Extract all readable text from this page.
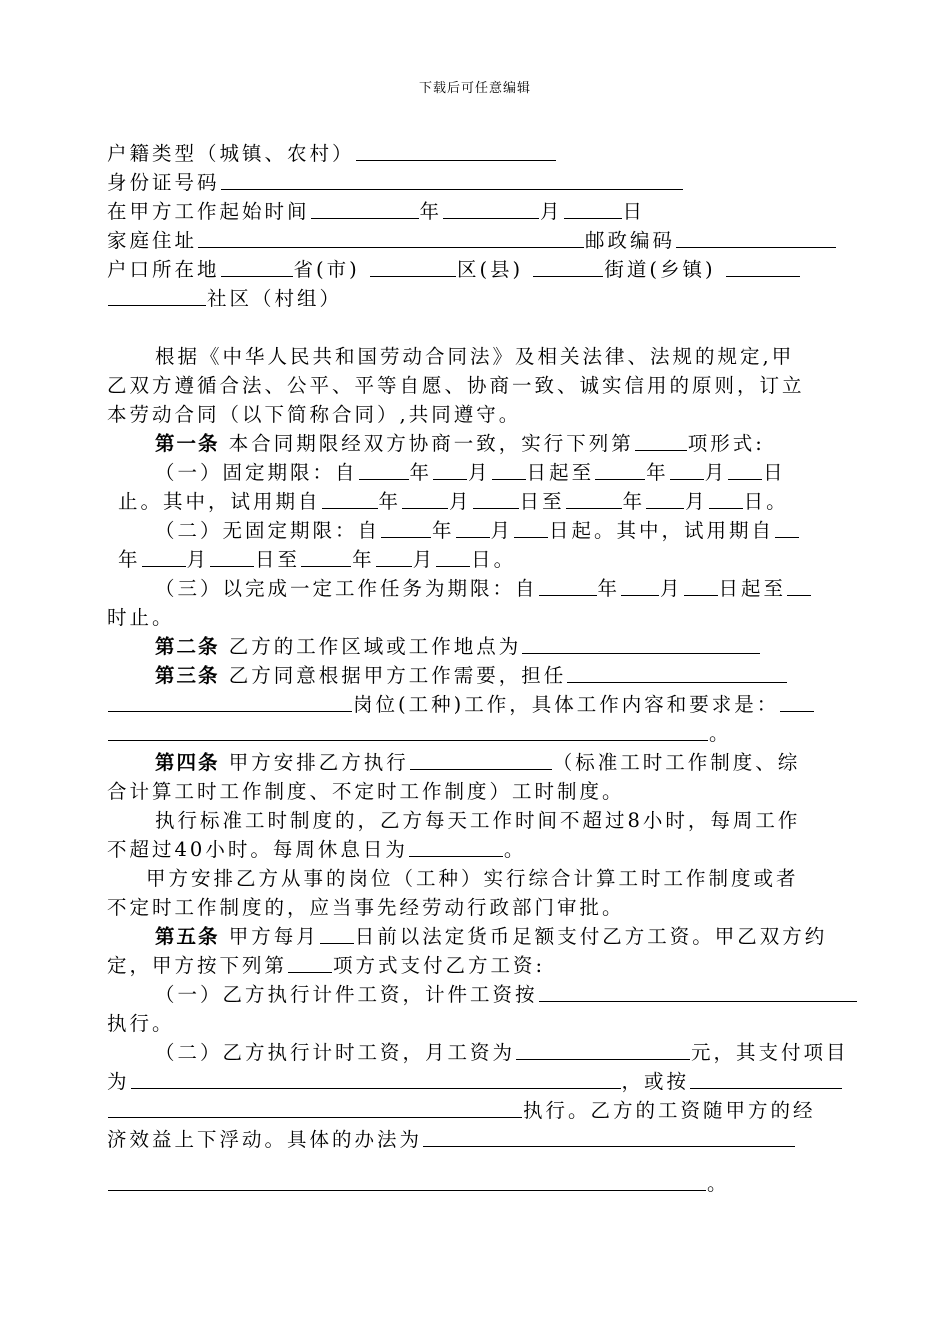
下载后可任意编辑
户籍类型（城镇、农村）
身份证号码
在甲方工作起始时间	年	月	日
家庭住址	邮政编码
户口所在地	省(市)	区(县)	街道(乡镇)
社区（村组）
根据《中华人民共和国劳动合同法》及相关法律、法规的规定,甲
乙双方遵循合法、公平、平等自愿、协商一致、诚实信用的原则，订立
本劳动合同（以下简称合同）,共同遵守。
第一条 本合同期限经双方协商一致，实行下列第	项形式:
（一）固定期限：自	年 月 日起至	年 月 日
止。其中，试用期自	年 月 日至	年 月 日。
（二）无固定期限：自	年 月 日起。其中，试用期自
年 月 日至	年 月 日。
（三）以完成一定工作任务为期限：自	年 月 日起至
时止。
第二条 乙方的工作区域或工作地点为
第三条 乙方同意根据甲方工作需要，担任
岗位(工种)工作，具体工作内容和要求是：
。
第四条 甲方安排乙方执行	（标准工时工作制度、综
合计算工时工作制度、不定时工作制度）工时制度。
执行标准工时制度的，乙方每天工作时间不超过8小时，每周工作
不超过40小时。每周休息日为	。
甲方安排乙方从事的岗位（工种）实行综合计算工时工作制度或者
不定时工作制度的，应当事先经劳动行政部门审批。
第五条 甲方每月 日前以法定货币足额支付乙方工资。甲乙双方约
定，甲方按下列第 项方式支付乙方工资:
（一）乙方执行计件工资，计件工资按
执行。
（二）乙方执行计时工资，月工资为	元，其支付项目
为	，或按
执行。乙方的工资随甲方的经
济效益上下浮动。具体的办法为
。
